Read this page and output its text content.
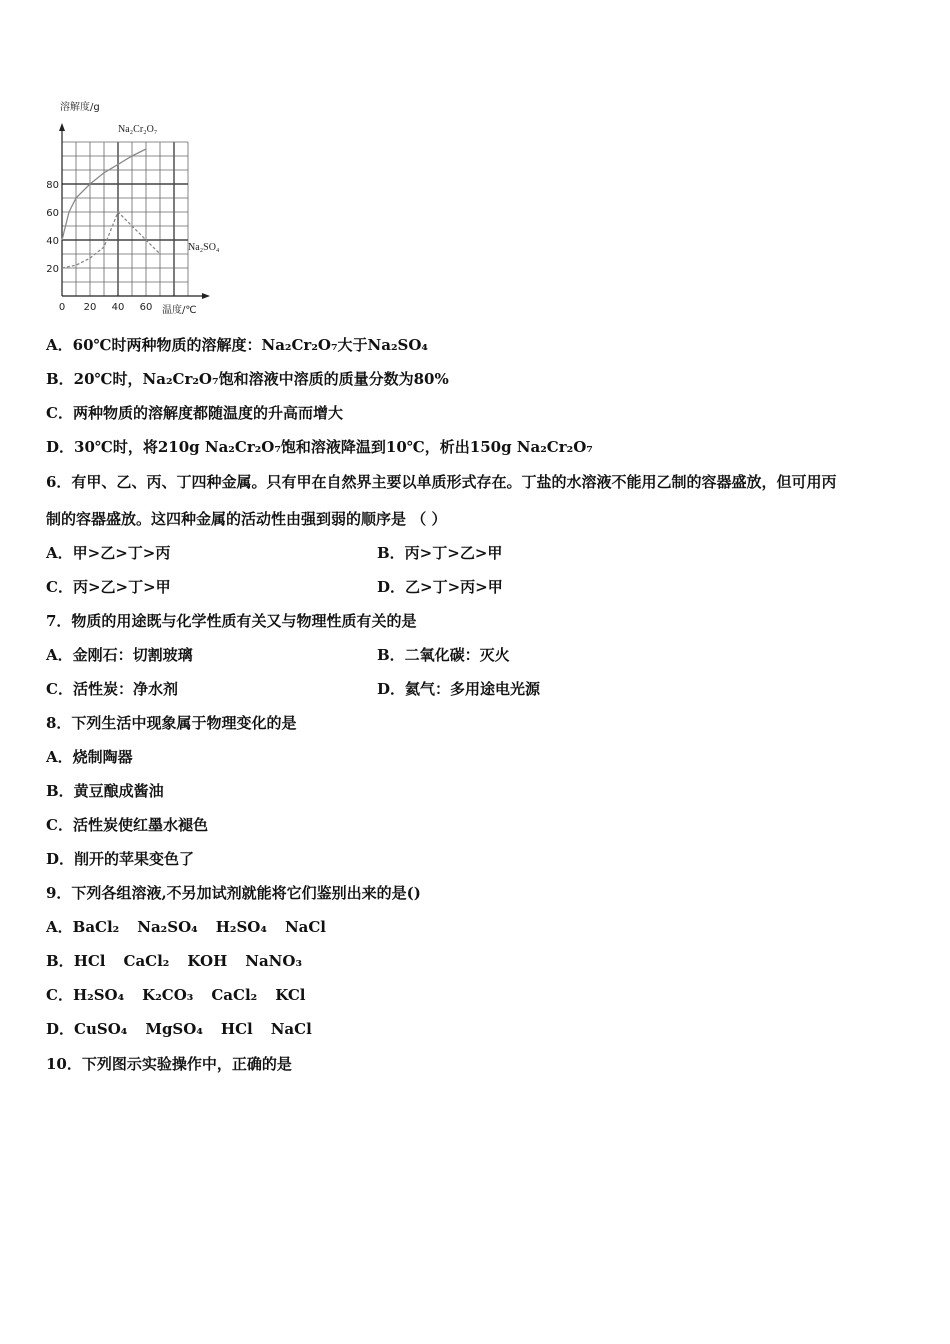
0 20 40 60
20
40
60
80
溶解度/g
温度/℃
Na₂Cr₂O₇
Na₂SO₄
A．60℃时两种物质的溶解度：Na₂Cr₂O₇大于Na₂SO₄
B．20℃时，Na₂Cr₂O₇饱和溶液中溶质的质量分数为80%
C．两种物质的溶解度都随温度的升高而增大
D．30℃时，将210g Na₂Cr₂O₇饱和溶液降温到10℃，析出150g Na₂Cr₂O₇
6．有甲、乙、丙、丁四种金属。只有甲在自然界主要以单质形式存在。丁盐的水溶液不能用乙制的容器盛放，但可用丙
制的容器盛放。这四种金属的活动性由强到弱的顺序是 （ ）
A．甲>乙>丁>丙	B．丙>丁>乙>甲
C．丙>乙>丁>甲	D．乙>丁>丙>甲
7．物质的用途既与化学性质有关又与物理性质有关的是
A．金刚石：切割玻璃	B．二氧化碳：灭火
C．活性炭：净水剂	D．氦气：多用途电光源
8．下列生活中现象属于物理变化的是
A．烧制陶器
B．黄豆酿成酱油
C．活性炭使红墨水褪色
D．削开的苹果变色了
9．下列各组溶液,不另加试剂就能将它们鉴别出来的是()
A．BaCl₂ Na₂SO₄ H₂SO₄ NaCl
B．HCl CaCl₂ KOH NaNO₃
C．H₂SO₄ K₂CO₃ CaCl₂ KCl
D．CuSO₄ MgSO₄ HCl NaCl
10．下列图示实验操作中，正确的是
